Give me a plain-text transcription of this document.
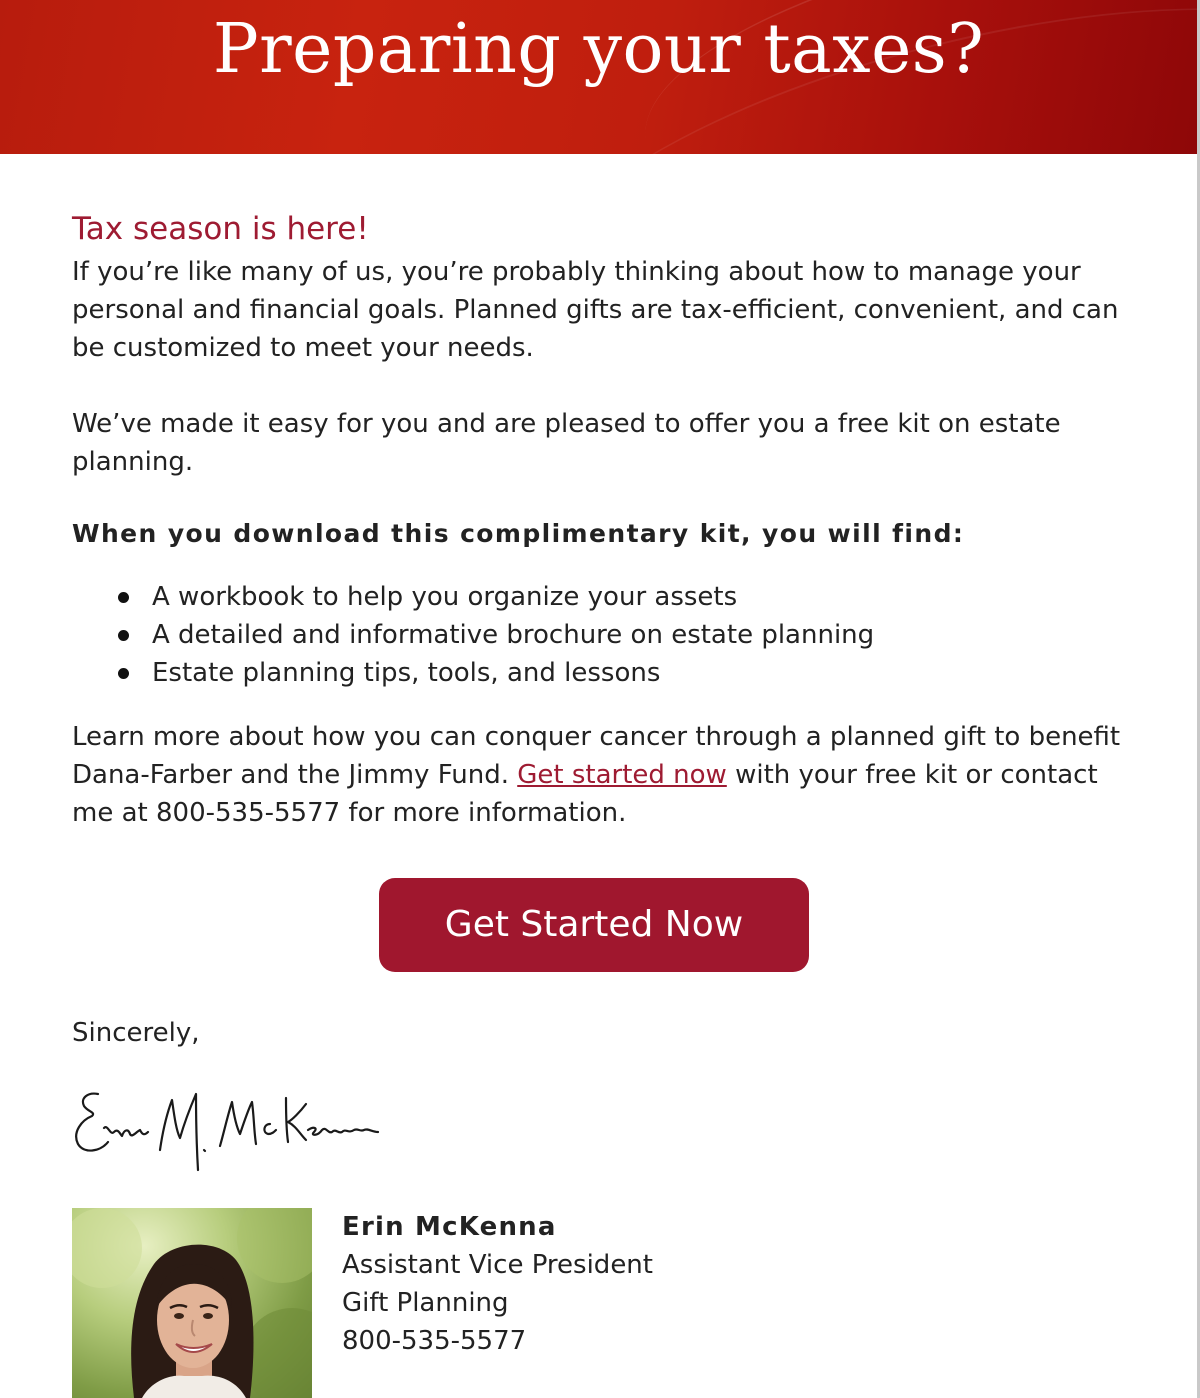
Preparing your taxes?
Tax season is here!

If you’re like many of us, you’re probably thinking about how to manage your personal and financial goals. Planned gifts are tax-efficient, convenient, and can be customized to meet your needs.

We’ve made it easy for you and are pleased to offer you a free kit on estate planning.

When you download this complimentary kit, you will find:

A workbook to help you organize your assets
A detailed and informative brochure on estate planning
Estate planning tips, tools, and lessons

Learn more about how you can conquer cancer through a planned gift to benefit Dana-Farber and the Jimmy Fund. Get started now with your free kit or contact me at 800-535-5577 for more information.

Get Started Now

Sincerely,

Erin McKenna
Assistant Vice President
Gift Planning
800-535-5577
